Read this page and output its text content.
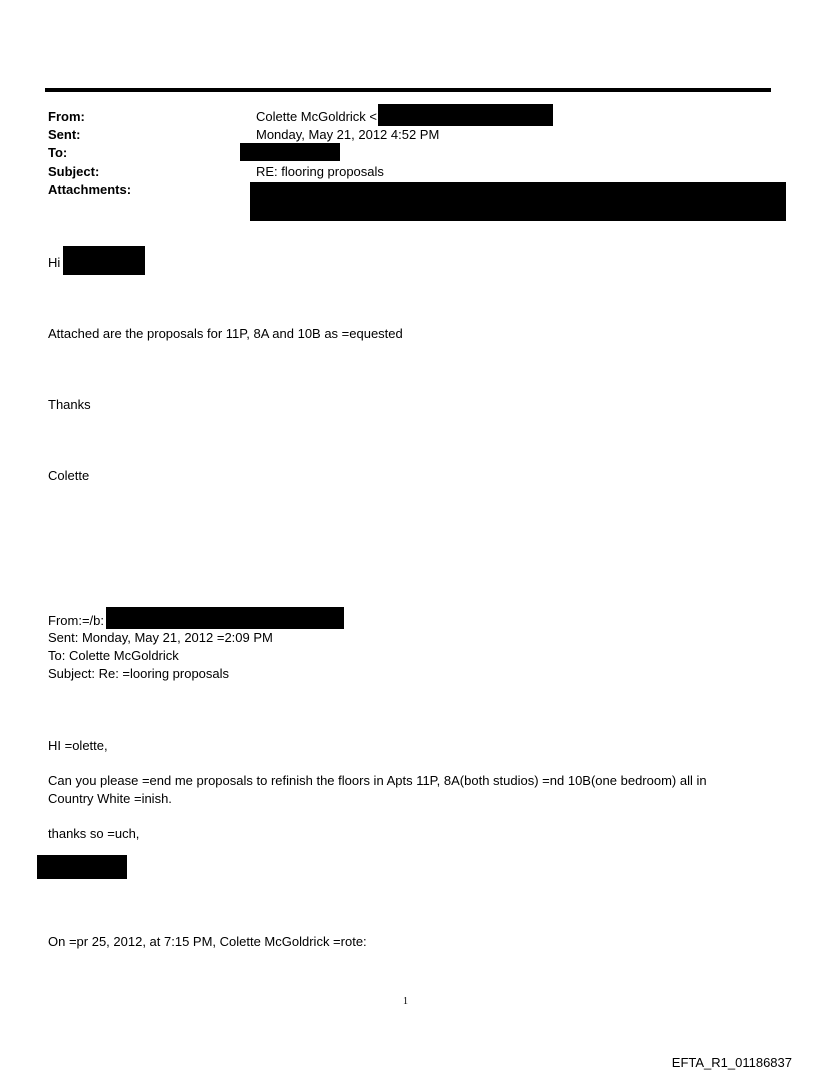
From:
Sent:
To:
Subject:
Attachments:
Colette McGoldrick <
Monday, May 21, 2012 4:52 PM
RE: flooring proposals
Hi
Attached are the proposals for 11P, 8A and 10B as =equested
Thanks
Colette
From:=/b:
Sent: Monday, May 21, 2012 =2:09 PM
To: Colette McGoldrick
Subject: Re: =looring proposals
HI =olette,
Can you please =end me proposals to refinish the floors in Apts 11P, 8A(both studios) =nd 10B(one bedroom) all in
Country White =inish.
thanks so =uch,
On =pr 25, 2012, at 7:15 PM, Colette McGoldrick =rote:
1
EFTA_R1_01186837
